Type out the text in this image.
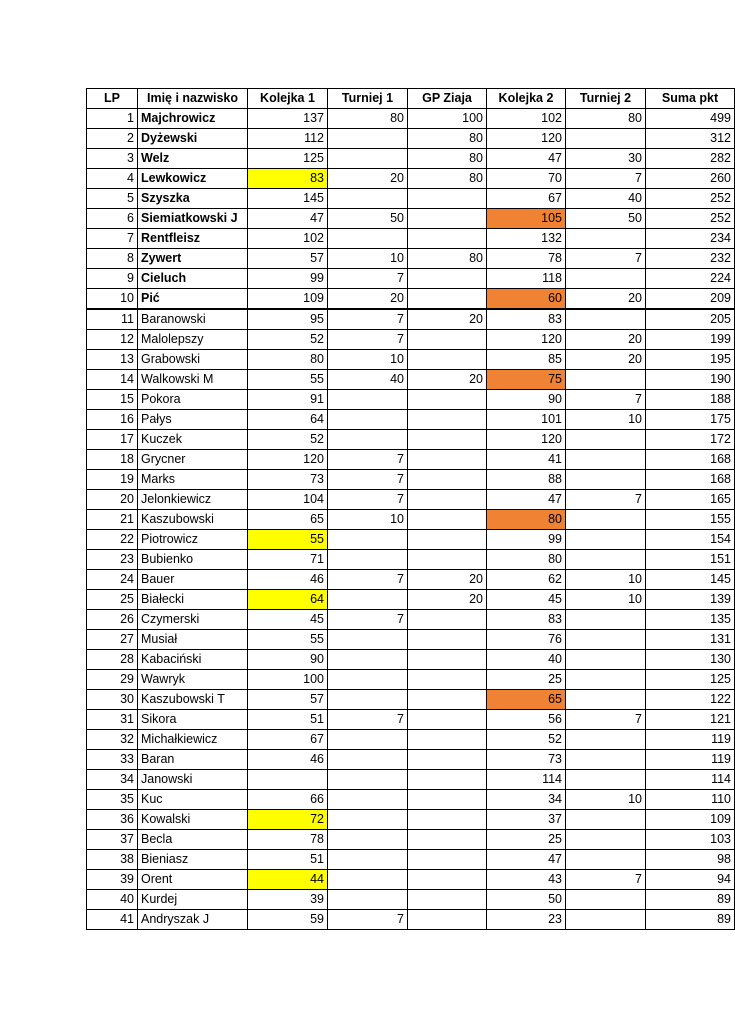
LP	Imię i nazwisko	Kolejka 1	Turniej 1	GP Ziaja	Kolejka 2	Turniej 2	Suma pkt
1	Majchrowicz	137	80	100	102	80	499
2	Dyżewski	112		80	120		312
3	Welz	125		80	47	30	282
4	Lewkowicz	83	20	80	70	7	260
5	Szyszka	145			67	40	252
6	Siemiatkowski J	47	50		105	50	252
7	Rentfleisz	102			132		234
8	Zywert	57	10	80	78	7	232
9	Cieluch	99	7		118		224
10	Pić	109	20		60	20	209
11	Baranowski	95	7	20	83		205
12	Malolepszy	52	7		120	20	199
13	Grabowski	80	10		85	20	195
14	Walkowski M	55	40	20	75		190
15	Pokora	91			90	7	188
16	Pałys	64			101	10	175
17	Kuczek	52			120		172
18	Grycner	120	7		41		168
19	Marks	73	7		88		168
20	Jelonkiewicz	104	7		47	7	165
21	Kaszubowski	65	10		80		155
22	Piotrowicz	55			99		154
23	Bubienko	71			80		151
24	Bauer	46	7	20	62	10	145
25	Białecki	64		20	45	10	139
26	Czymerski	45	7		83		135
27	Musiał	55			76		131
28	Kabaciński	90			40		130
29	Wawryk	100			25		125
30	Kaszubowski T	57			65		122
31	Sikora	51	7		56	7	121
32	Michałkiewicz	67			52		119
33	Baran	46			73		119
34	Janowski				114		114
35	Kuc	66			34	10	110
36	Kowalski	72			37		109
37	Becla	78			25		103
38	Bieniasz	51			47		98
39	Orent	44			43	7	94
40	Kurdej	39			50		89
41	Andryszak J	59	7		23		89
